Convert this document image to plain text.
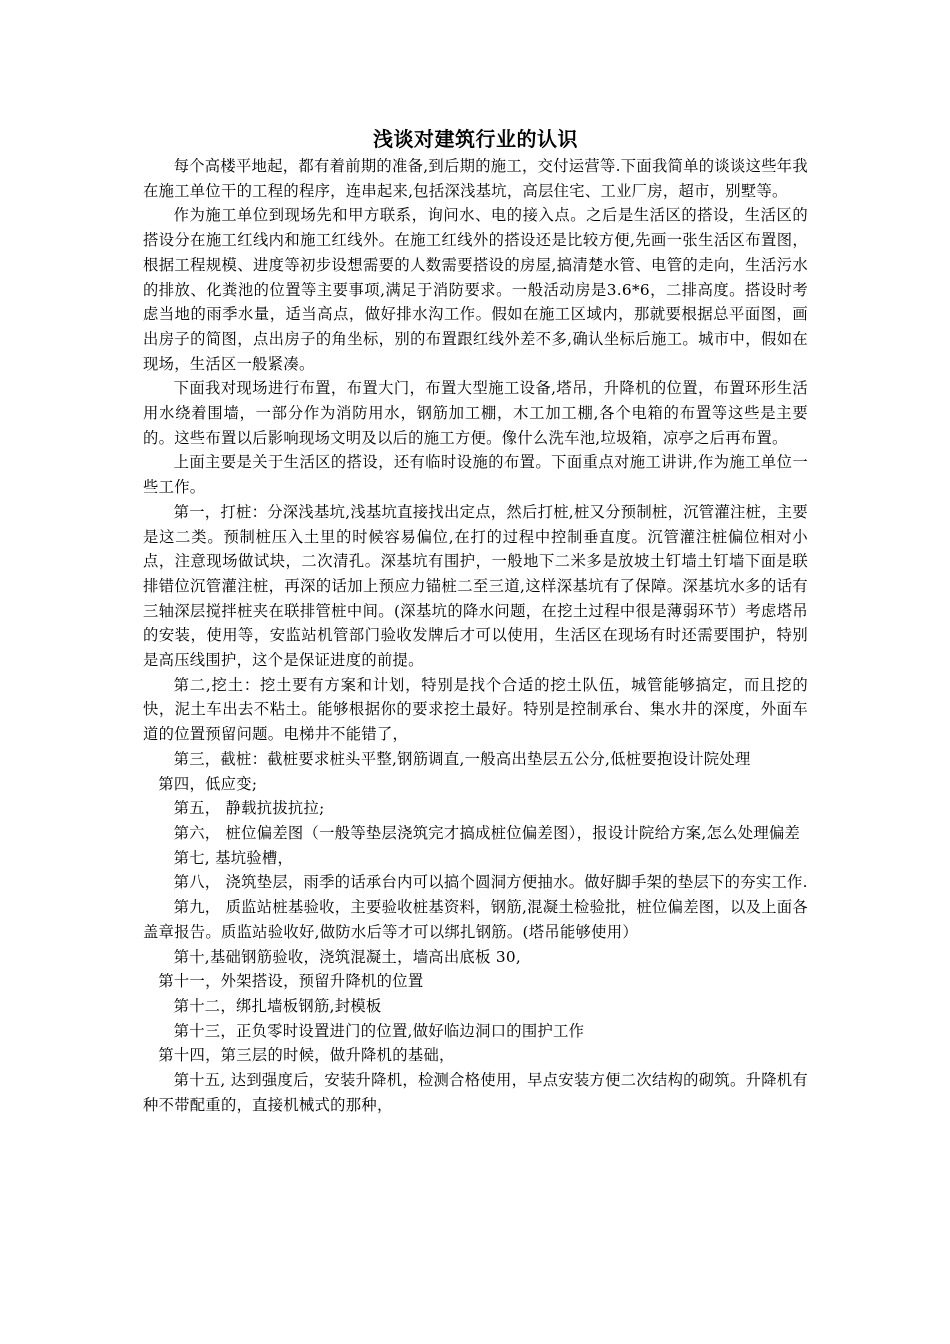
浅谈对建筑行业的认识

每个高楼平地起，都有着前期的准备,到后期的施工，交付运营等.下面我简单的谈谈这些年我在施工单位干的工程的程序，连串起来,包括深浅基坑，高层住宅、工业厂房，超市，别墅等。

作为施工单位到现场先和甲方联系，询问水、电的接入点。之后是生活区的搭设，生活区的搭设分在施工红线内和施工红线外。在施工红线外的搭设还是比较方便,先画一张生活区布置图，根据工程规模、进度等初步设想需要的人数需要搭设的房屋,搞清楚水管、电管的走向，生活污水的排放、化粪池的位置等主要事项,满足于消防要求。一般活动房是3.6*6，二排高度。搭设时考虑当地的雨季水量，适当高点，做好排水沟工作。假如在施工区域内，那就要根据总平面图，画出房子的简图，点出房子的角坐标，别的布置跟红线外差不多,确认坐标后施工。城市中，假如在现场，生活区一般紧凑。

下面我对现场进行布置，布置大门，布置大型施工设备,塔吊，升降机的位置，布置环形生活用水绕着围墙，一部分作为消防用水，钢筋加工棚，木工加工棚,各个电箱的布置等这些是主要的。这些布置以后影响现场文明及以后的施工方便。像什么洗车池,垃圾箱，凉亭之后再布置。

上面主要是关于生活区的搭设，还有临时设施的布置。下面重点对施工讲讲,作为施工单位一些工作。

第一，打桩：分深浅基坑,浅基坑直接找出定点，然后打桩,桩又分预制桩，沉管灌注桩，主要是这二类。预制桩压入土里的时候容易偏位,在打的过程中控制垂直度。沉管灌注桩偏位相对小点，注意现场做试块，二次清孔。深基坑有围护，一般地下二米多是放坡土钉墙土钉墙下面是联排错位沉管灌注桩，再深的话加上预应力锚桩二至三道,这样深基坑有了保障。深基坑水多的话有三轴深层搅拌桩夹在联排管桩中间。(深基坑的降水问题，在挖土过程中很是薄弱环节）考虑塔吊的安装，使用等，安监站机管部门验收发牌后才可以使用，生活区在现场有时还需要围护，特别是高压线围护，这个是保证进度的前提。

第二,挖土：挖土要有方案和计划，特别是找个合适的挖土队伍，城管能够搞定，而且挖的快，泥土车出去不粘土。能够根据你的要求挖土最好。特别是控制承台、集水井的深度，外面车道的位置预留问题。电梯井不能错了，

第三，截桩：截桩要求桩头平整,钢筋调直,一般高出垫层五公分,低桩要抱设计院处理

第四，低应变;

第五， 静载抗拔抗拉;

第六， 桩位偏差图（一般等垫层浇筑完才搞成桩位偏差图），报设计院给方案,怎么处理偏差

第七, 基坑验槽，

第八， 浇筑垫层，雨季的话承台内可以搞个圆洞方便抽水。做好脚手架的垫层下的夯实工作.

第九， 质监站桩基验收，主要验收桩基资料，钢筋,混凝土检验批，桩位偏差图，以及上面各盖章报告。质监站验收好,做防水后等才可以绑扎钢筋。(塔吊能够使用）

第十,基础钢筋验收，浇筑混凝土，墙高出底板 30,

第十一，外架搭设，预留升降机的位置

第十二，绑扎墙板钢筋,封模板

第十三，正负零时设置进门的位置,做好临边洞口的围护工作

第十四，第三层的时候，做升降机的基础，

第十五, 达到强度后，安装升降机，检测合格使用，早点安装方便二次结构的砌筑。升降机有种不带配重的，直接机械式的那种，
